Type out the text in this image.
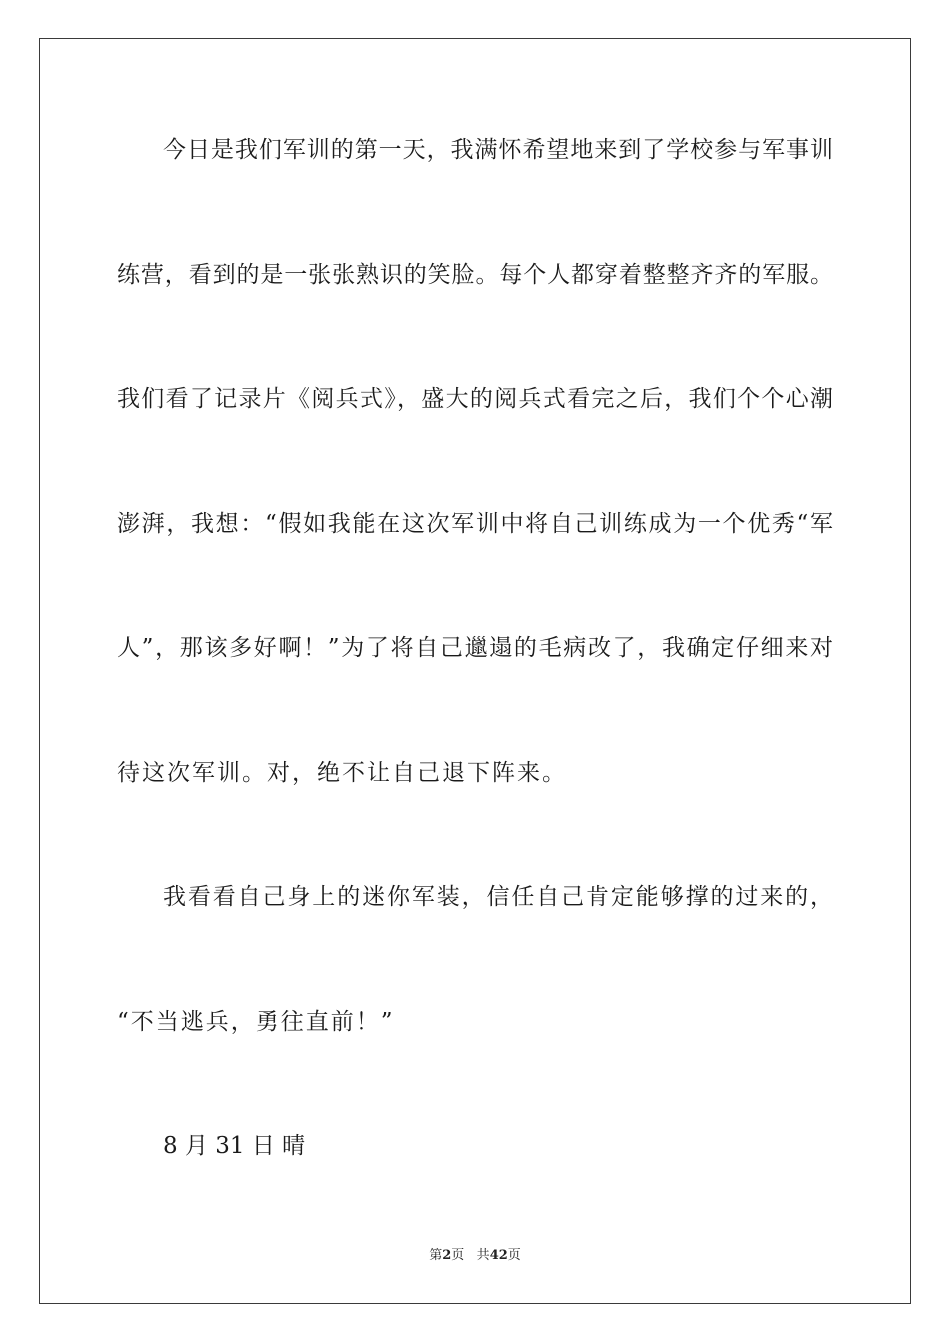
今日是我们军训的第一天，我满怀希望地来到了学校参与军事训
练营，看到的是一张张熟识的笑脸。每个人都穿着整整齐齐的军服。
我们看了记录片《阅兵式》，盛大的阅兵式看完之后，我们个个心潮
澎湃，我想：“假如我能在这次军训中将自己训练成为一个优秀“军
人”，那该多好啊！”为了将自己邋遢的毛病改了，我确定仔细来对
待这次军训。对，绝不让自己退下阵来。
我看看自己身上的迷你军装，信任自己肯定能够撑的过来的，
“不当逃兵，勇往直前！”
8 月 31 日 晴
第2页 共42页
